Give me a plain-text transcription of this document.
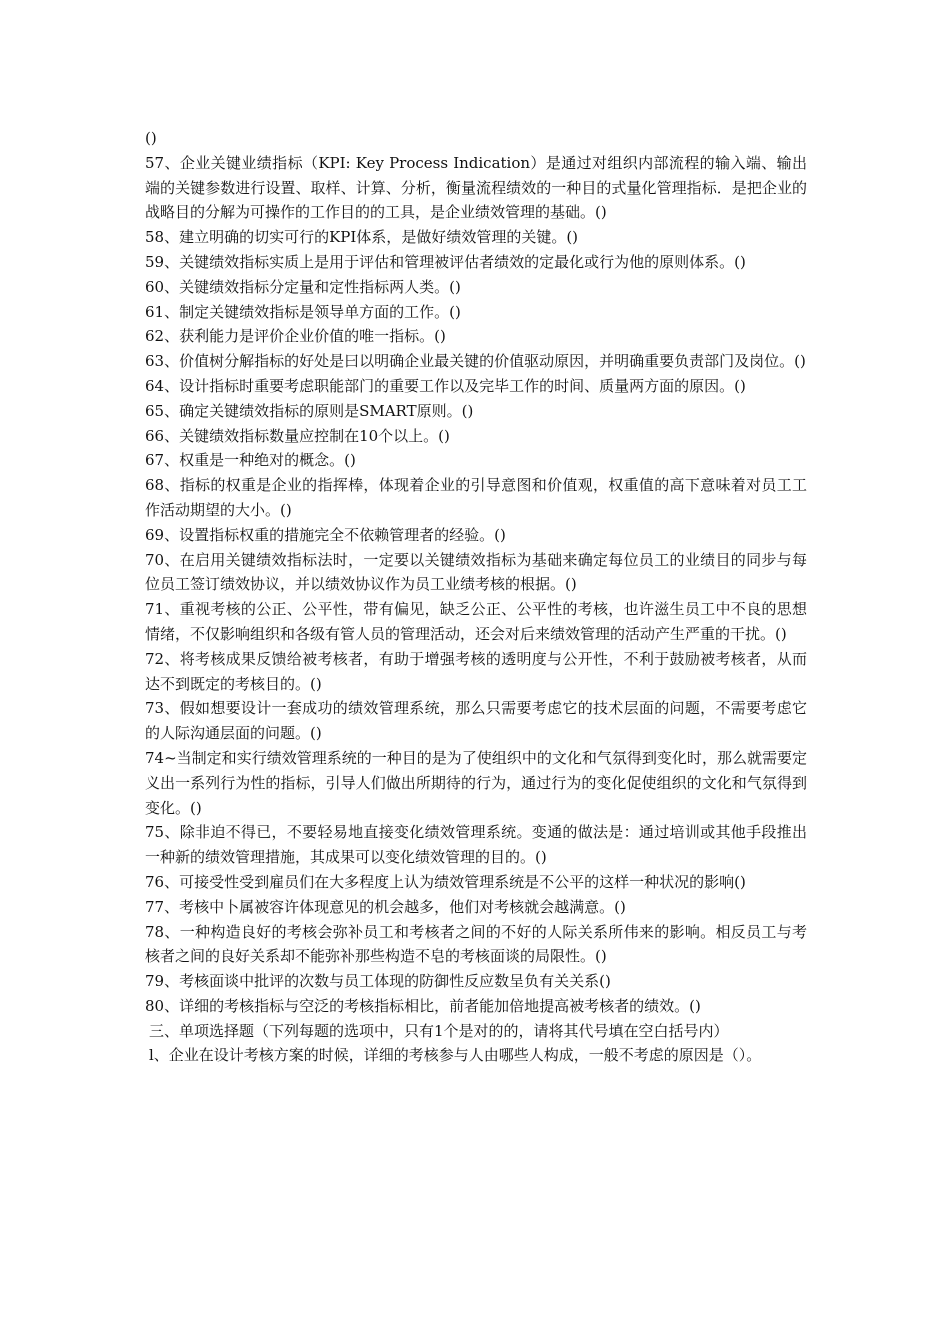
()

57、企业关键业绩指标（KPI: Key Process Indication）是通过对组织内部流程的输入端、输出端的关键参数进行设置、取样、计算、分析，衡量流程绩效的一种目的式量化管理指标．是把企业的战略目的分解为可操作的工作目的的工具，是企业绩效管理的基础。()

58、建立明确的切实可行的KPI体系，是做好绩效管理的关键。()

59、关键绩效指标实质上是用于评估和管理被评估者绩效的定最化或行为他的原则体系。()

60、关键绩效指标分定量和定性指标两人类。()

61、制定关键绩效指标是领导单方面的工作。()

62、获利能力是评价企业价值的唯一指标。()

63、价值树分解指标的好处是曰以明确企业最关键的价值驱动原因，并明确重要负责部门及岗位。()

64、设计指标时重要考虑职能部门的重要工作以及完毕工作的时间、质量两方面的原因。()

65、确定关键绩效指标的原则是SMART原则。()

66、关键绩效指标数量应控制在10个以上。()

67、权重是一种绝对的概念。()

68、指标的权重是企业的指挥棒，体现着企业的引导意图和价值观，权重值的高下意味着对员工工作活动期望的大小。()

69、设置指标权重的措施完全不依赖管理者的经验。()

70、在启用关键绩效指标法时，一定要以关键绩效指标为基础来确定每位员工的业绩目的同步与每位员工签订绩效协议，并以绩效协议作为员工业绩考核的根据。()

71、重视考核的公正、公平性，带有偏见，缺乏公正、公平性的考核，也许滋生员工中不良的思想情绪，不仅影响组织和各级有管人员的管理活动，还会对后来绩效管理的活动产生严重的干扰。()

72、将考核成果反馈给被考核者，有助于增强考核的透明度与公开性，不利于鼓励被考核者，从而达不到既定的考核目的。()

73、假如想要设计一套成功的绩效管理系统，那么只需要考虑它的技术层面的问题，不需要考虑它的人际沟通层面的问题。()

74~当制定和实行绩效管理系统的一种目的是为了使组织中的文化和气氛得到变化时，那么就需要定义出一系列行为性的指标，引导人们做出所期待的行为，通过行为的变化促使组织的文化和气氛得到变化。()

75、除非迫不得已，不要轻易地直接变化绩效管理系统。变通的做法是：通过培训或其他手段推出一种新的绩效管理措施，其成果可以变化绩效管理的目的。()

76、可接受性受到雇员们在大多程度上认为绩效管理系统是不公平的这样一种状况的影响()

77、考核中卜属被容许体现意见的机会越多，他们对考核就会越满意。()

78、一种构造良好的考核会弥补员工和考核者之间的不好的人际关系所伟来的影响。相反员工与考核者之间的良好关系却不能弥补那些构造不皂的考核面谈的局限性。()

79、考核面谈中批评的次数与员工体现的防御性反应数呈负有关关系()

80、详细的考核指标与空泛的考核指标相比，前者能加倍地提高被考核者的绩效。()

三、单项选择题（下列每题的选项中，只有1个是对的的，请将其代号填在空白括号内）

l、企业在设计考核方案的时候，详细的考核参与人由哪些人构成，一般不考虑的原因是（）。
